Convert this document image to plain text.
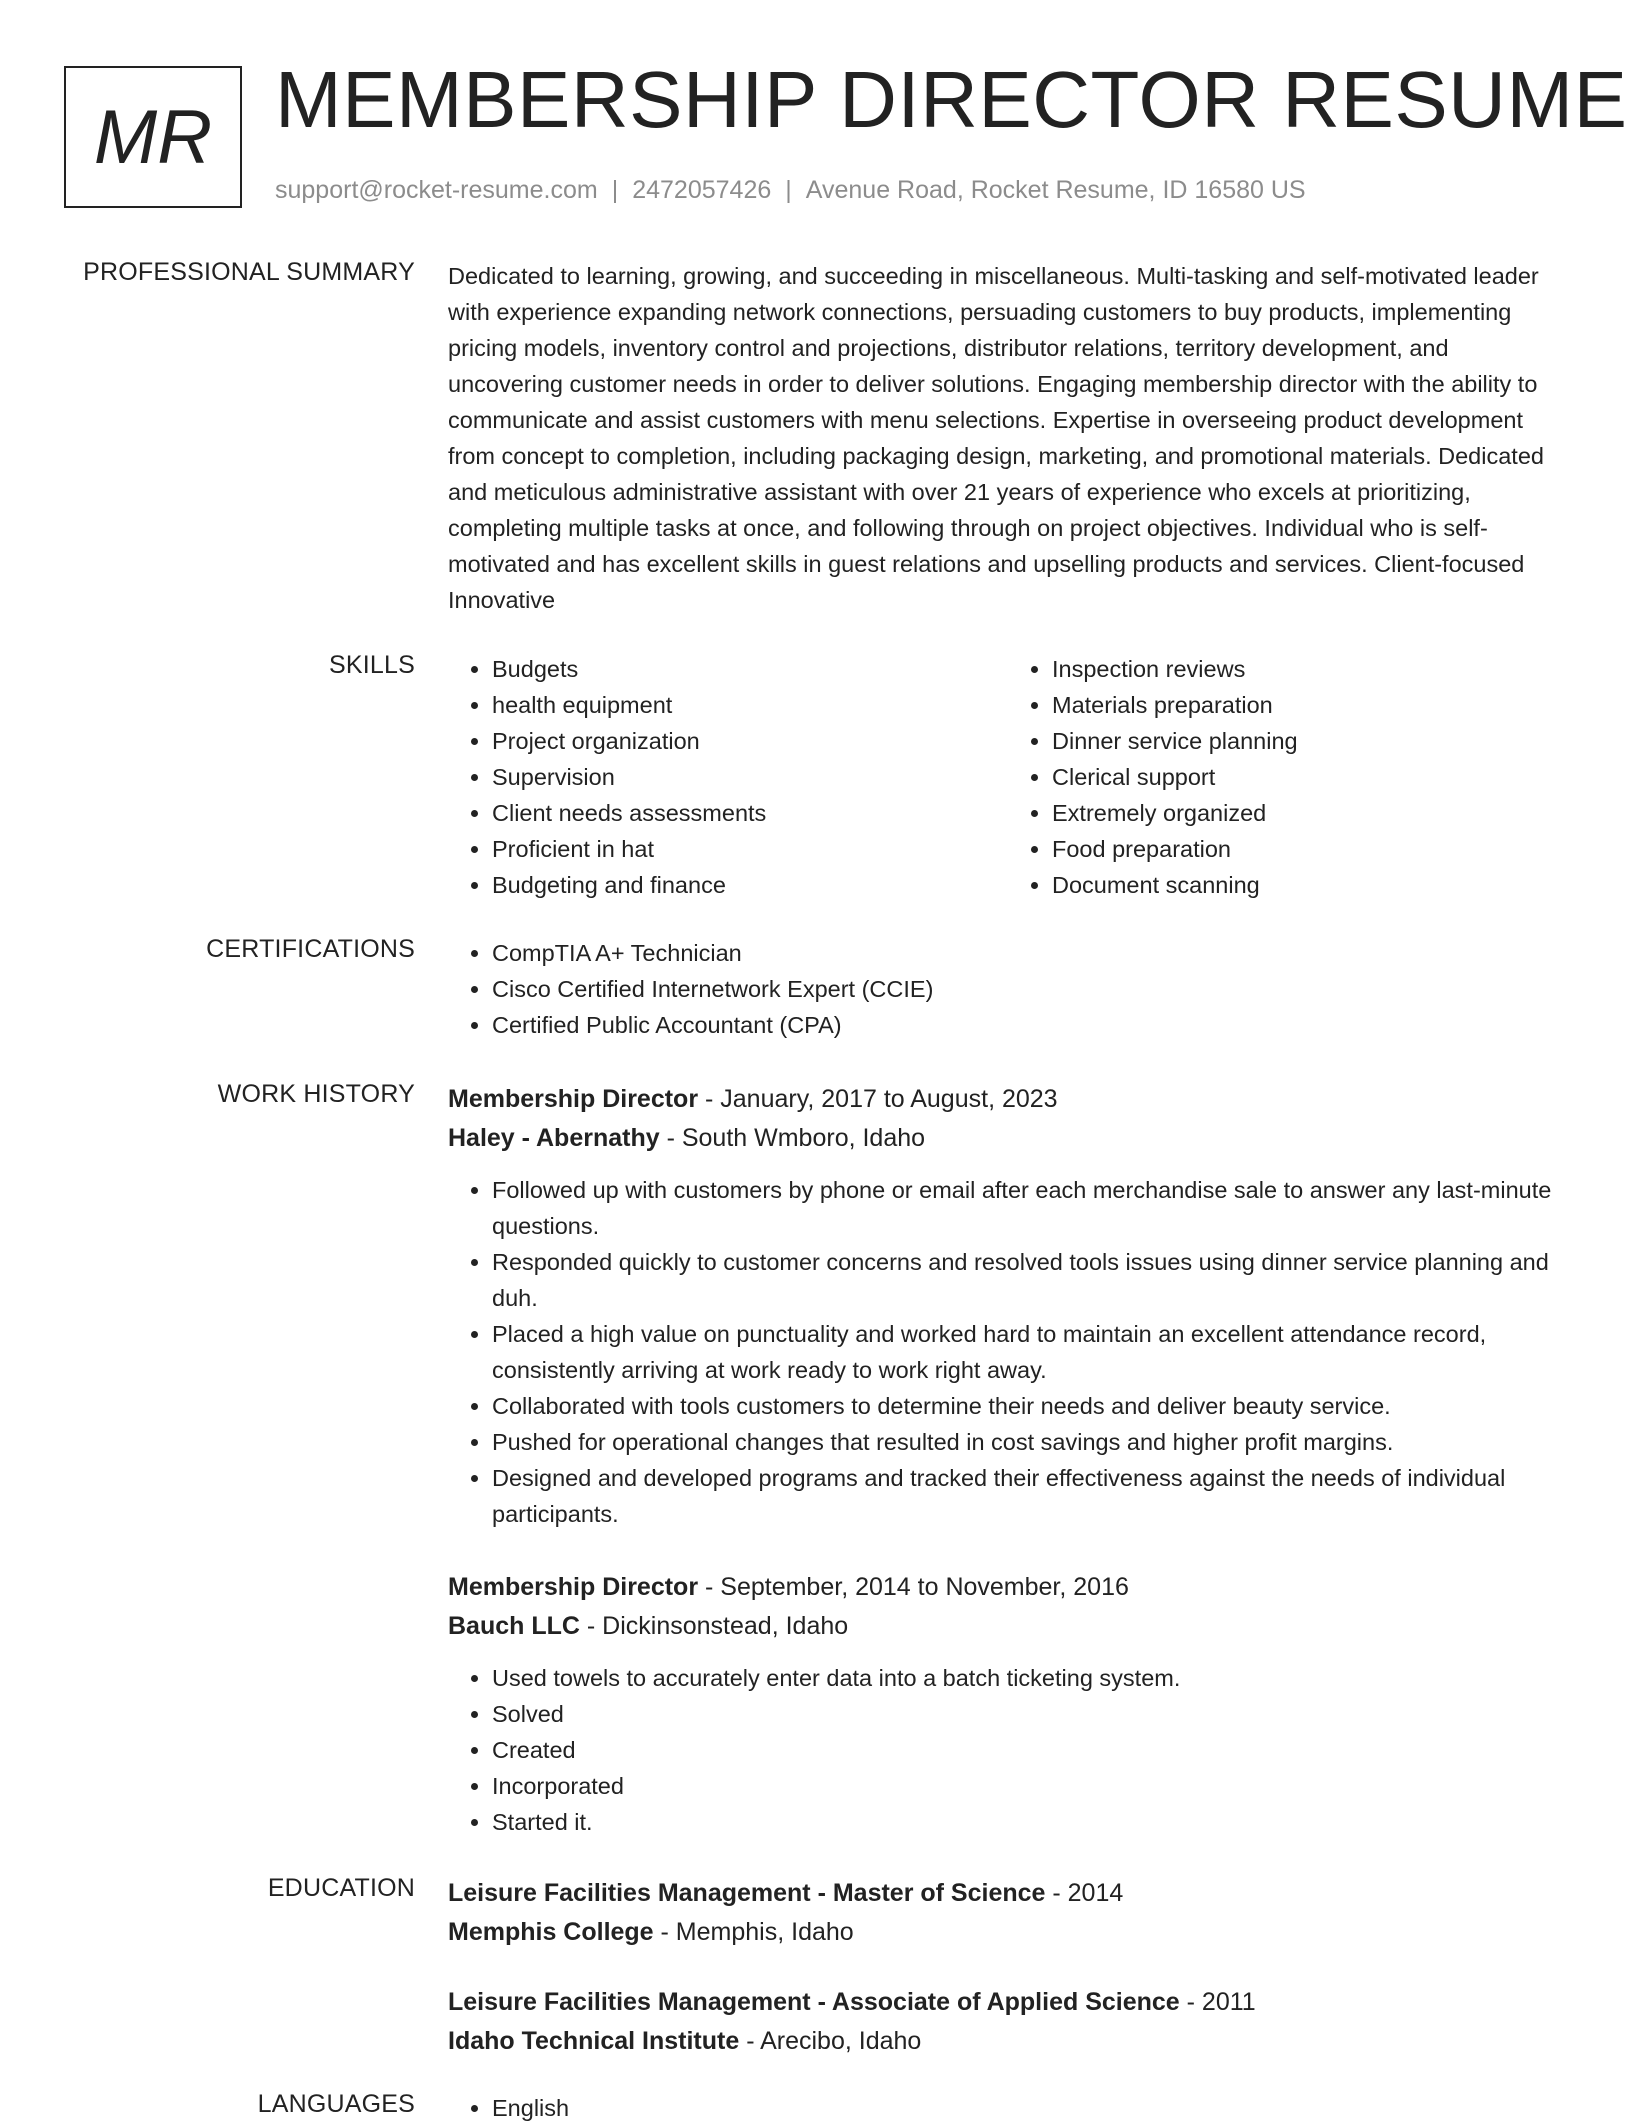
MR MEMBERSHIP DIRECTOR RESUME
support@rocket-resume.com | 2472057426 | Avenue Road, Rocket Resume, ID 16580 US
PROFESSIONAL SUMMARY Dedicated to learning, growing, and succeeding in miscellaneous. Multi-tasking and self-motivated leader with experience expanding network connections, persuading customers to buy products, implementing pricing models, inventory control and projections, distributor relations, territory development, and uncovering customer needs in order to deliver solutions. Engaging membership director with the ability to communicate and assist customers with menu selections. Expertise in overseeing product development from concept to completion, including packaging design, marketing, and promotional materials. Dedicated and meticulous administrative assistant with over 21 years of experience who excels at prioritizing, completing multiple tasks at once, and following through on project objectives. Individual who is self-motivated and has excellent skills in guest relations and upselling products and services. Client-focused Innovative
SKILLS	• Budgets
• health equipment
• Project organization
• Supervision
• Client needs assessments
• Proficient in hat
• Budgeting and finance
• Inspection reviews
• Materials preparation
• Dinner service planning
• Clerical support
• Extremely organized
• Food preparation
• Document scanning
CERTIFICATIONS	• CompTIA A+ Technician
• Cisco Certified Internetwork Expert (CCIE)
• Certified Public Accountant (CPA)
WORK HISTORY Membership Director - January, 2017 to August, 2023
Haley - Abernathy - South Wmboro, Idaho
• Followed up with customers by phone or email after each merchandise sale to answer any last-minute questions.
• Responded quickly to customer concerns and resolved tools issues using dinner service planning and duh.
• Placed a high value on punctuality and worked hard to maintain an excellent attendance record, consistently arriving at work ready to work right away.
• Collaborated with tools customers to determine their needs and deliver beauty service.
• Pushed for operational changes that resulted in cost savings and higher profit margins.
• Designed and developed programs and tracked their effectiveness against the needs of individual participants.
Membership Director - September, 2014 to November, 2016
Bauch LLC - Dickinsonstead, Idaho
• Used towels to accurately enter data into a batch ticketing system.
• Solved
• Created
• Incorporated
• Started it.
EDUCATION Leisure Facilities Management - Master of Science - 2014
Memphis College - Memphis, Idaho
Leisure Facilities Management - Associate of Applied Science - 2011
Idaho Technical Institute - Arecibo, Idaho
LANGUAGES	• English
